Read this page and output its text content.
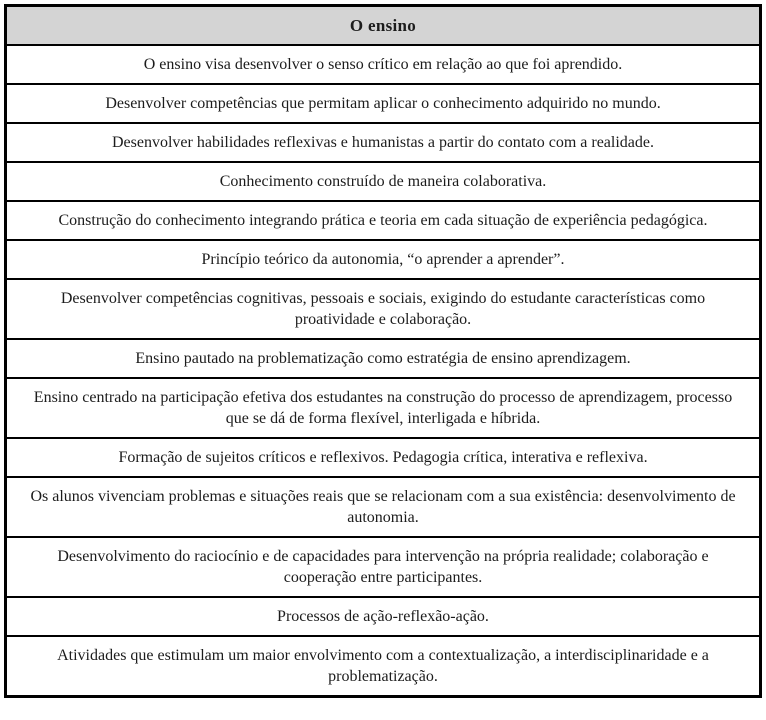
O ensino
O ensino visa desenvolver o senso crítico em relação ao que foi aprendido.
Desenvolver competências que permitam aplicar o conhecimento adquirido no mundo.
Desenvolver habilidades reflexivas e humanistas a partir do contato com a realidade.
Conhecimento construído de maneira colaborativa.
Construção do conhecimento integrando prática e teoria em cada situação de experiência pedagógica.
Princípio teórico da autonomia, “o aprender a aprender”.
Desenvolver competências cognitivas, pessoais e sociais, exigindo do estudante características como proatividade e colaboração.
Ensino pautado na problematização como estratégia de ensino aprendizagem.
Ensino centrado na participação efetiva dos estudantes na construção do processo de aprendizagem, processo que se dá de forma flexível, interligada e híbrida.
Formação de sujeitos críticos e reflexivos. Pedagogia crítica, interativa e reflexiva.
Os alunos vivenciam problemas e situações reais que se relacionam com a sua existência: desenvolvimento de autonomia.
Desenvolvimento do raciocínio e de capacidades para intervenção na própria realidade; colaboração e cooperação entre participantes.
Processos de ação-reflexão-ação.
Atividades que estimulam um maior envolvimento com a contextualização, a interdisciplinaridade e a problematização.
